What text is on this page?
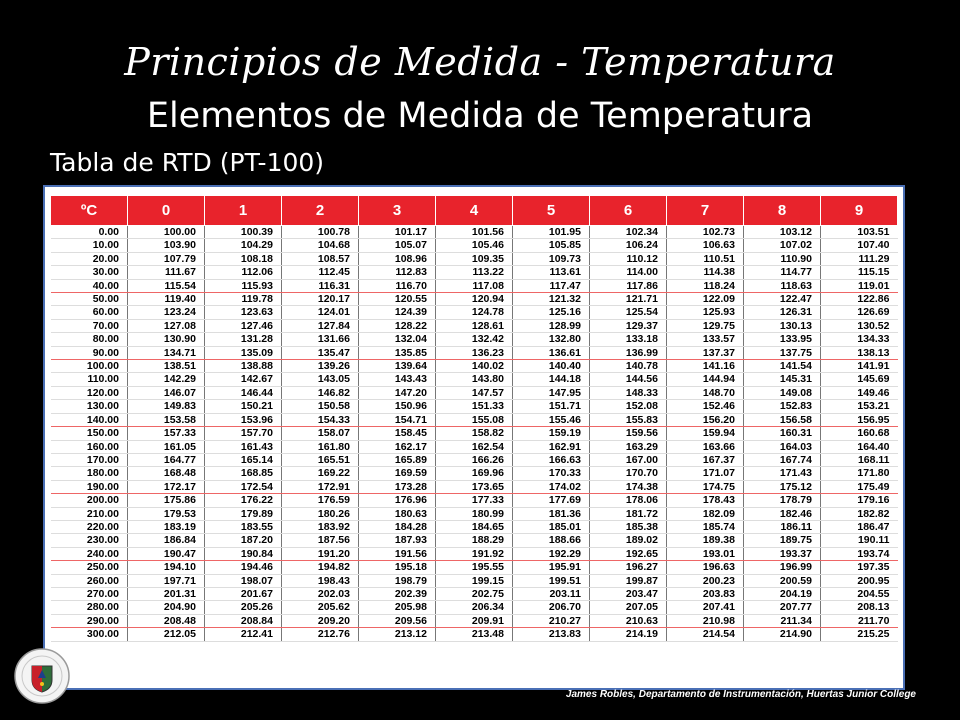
Principios de Medida - Temperatura
Elementos de Medida de Temperatura
Tabla de RTD (PT-100)
ºC	0	1	2	3	4	5	6	7	8	9
0.00	100.00	100.39	100.78	101.17	101.56	101.95	102.34	102.73	103.12	103.51
10.00	103.90	104.29	104.68	105.07	105.46	105.85	106.24	106.63	107.02	107.40
20.00	107.79	108.18	108.57	108.96	109.35	109.73	110.12	110.51	110.90	111.29
30.00	111.67	112.06	112.45	112.83	113.22	113.61	114.00	114.38	114.77	115.15
40.00	115.54	115.93	116.31	116.70	117.08	117.47	117.86	118.24	118.63	119.01
50.00	119.40	119.78	120.17	120.55	120.94	121.32	121.71	122.09	122.47	122.86
60.00	123.24	123.63	124.01	124.39	124.78	125.16	125.54	125.93	126.31	126.69
70.00	127.08	127.46	127.84	128.22	128.61	128.99	129.37	129.75	130.13	130.52
80.00	130.90	131.28	131.66	132.04	132.42	132.80	133.18	133.57	133.95	134.33
90.00	134.71	135.09	135.47	135.85	136.23	136.61	136.99	137.37	137.75	138.13
100.00	138.51	138.88	139.26	139.64	140.02	140.40	140.78	141.16	141.54	141.91
110.00	142.29	142.67	143.05	143.43	143.80	144.18	144.56	144.94	145.31	145.69
120.00	146.07	146.44	146.82	147.20	147.57	147.95	148.33	148.70	149.08	149.46
130.00	149.83	150.21	150.58	150.96	151.33	151.71	152.08	152.46	152.83	153.21
140.00	153.58	153.96	154.33	154.71	155.08	155.46	155.83	156.20	156.58	156.95
150.00	157.33	157.70	158.07	158.45	158.82	159.19	159.56	159.94	160.31	160.68
160.00	161.05	161.43	161.80	162.17	162.54	162.91	163.29	163.66	164.03	164.40
170.00	164.77	165.14	165.51	165.89	166.26	166.63	167.00	167.37	167.74	168.11
180.00	168.48	168.85	169.22	169.59	169.96	170.33	170.70	171.07	171.43	171.80
190.00	172.17	172.54	172.91	173.28	173.65	174.02	174.38	174.75	175.12	175.49
200.00	175.86	176.22	176.59	176.96	177.33	177.69	178.06	178.43	178.79	179.16
210.00	179.53	179.89	180.26	180.63	180.99	181.36	181.72	182.09	182.46	182.82
220.00	183.19	183.55	183.92	184.28	184.65	185.01	185.38	185.74	186.11	186.47
230.00	186.84	187.20	187.56	187.93	188.29	188.66	189.02	189.38	189.75	190.11
240.00	190.47	190.84	191.20	191.56	191.92	192.29	192.65	193.01	193.37	193.74
250.00	194.10	194.46	194.82	195.18	195.55	195.91	196.27	196.63	196.99	197.35
260.00	197.71	198.07	198.43	198.79	199.15	199.51	199.87	200.23	200.59	200.95
270.00	201.31	201.67	202.03	202.39	202.75	203.11	203.47	203.83	204.19	204.55
280.00	204.90	205.26	205.62	205.98	206.34	206.70	207.05	207.41	207.77	208.13
290.00	208.48	208.84	209.20	209.56	209.91	210.27	210.63	210.98	211.34	211.70
300.00	212.05	212.41	212.76	213.12	213.48	213.83	214.19	214.54	214.90	215.25
James Robles, Departamento de Instrumentación, Huertas Junior College
